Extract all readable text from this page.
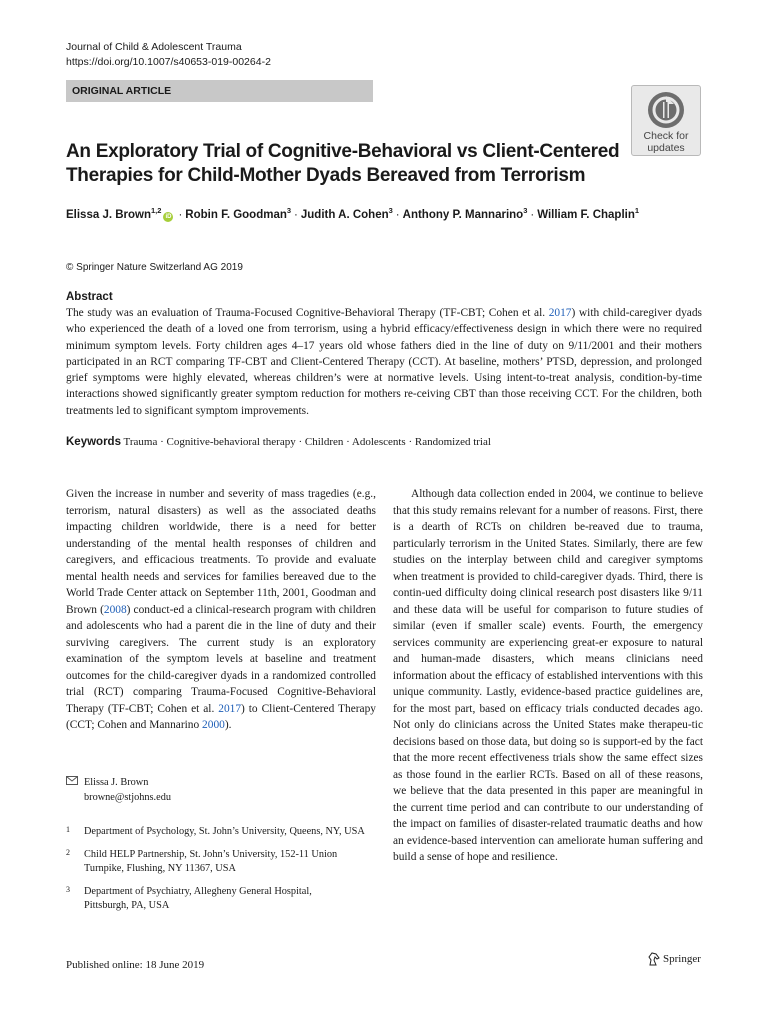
Journal of Child & Adolescent Trauma
https://doi.org/10.1007/s40653-019-00264-2
ORIGINAL ARTICLE
Check for
updates
An Exploratory Trial of Cognitive-Behavioral vs Client-Centered
Therapies for Child-Mother Dyads Bereaved from Terrorism
Elissa J. Brown$^{1,2}$iD · Robin F. Goodman$^3$ · Judith A. Cohen$^3$ · Anthony P. Mannarino$^3$ · William F. Chaplin$^1$
© Springer Nature Switzerland AG 2019
Abstract
The study was an evaluation of Trauma-Focused Cognitive-Behavioral Therapy (TF-CBT; Cohen et al. 2017) with child-caregiver dyads who experienced the death of a loved one from terrorism, using a hybrid efficacy/effectiveness design in which there were no required minimum symptom levels. Forty children ages 4–17 years old whose fathers died in the line of duty on 9/11/2001 and their mothers participated in an RCT comparing TF-CBT and Client-Centered Therapy (CCT). At baseline, mothers’ PTSD, depression, and prolonged grief symptoms were highly elevated, whereas children’s were at normative levels. Using intent-to-treat analysis, condition-by-time interactions showed significantly greater symptom reduction for mothers re-ceiving CBT than those receiving CCT. For the children, both treatments led to significant symptom improvements.
Keywords Trauma · Cognitive-behavioral therapy · Children · Adolescents · Randomized trial

Given the increase in number and severity of mass tragedies (e.g., terrorism, natural disasters) as well as the associated deaths impacting children worldwide, there is a need for better understanding of the mental health responses of children and caregivers, and efficacious treatments. To provide and evaluate mental health needs and services for families bereaved due to the World Trade Center attack on September 11th, 2001, Goodman and Brown (2008) conduct-ed a clinical-research program with children and adolescents who had a parent die in the line of duty and their surviving caregivers. The current study is an exploratory examination of the symptom levels at baseline and treatment outcomes for the child-caregiver dyads in a randomized controlled trial (RCT) comparing Trauma-Focused Cognitive-Behavioral Therapy (TF-CBT; Cohen et al. 2017) to Client-Centered Therapy (CCT; Cohen and Mannarino 2000).

Although data collection ended in 2004, we continue to believe that this study remains relevant for a number of reasons. First, there is a dearth of RCTs on children be-reaved due to trauma, particularly terrorism in the United States. Similarly, there are few studies on the interplay between child and caregiver symptoms when treatment is provided to child-caregiver dyads. Third, there is contin-ued difficulty doing clinical research post disasters like 9/11 and these data will be useful for comparison to future studies of similar (even if smaller scale) events. Fourth, the emergency services community are experiencing great-er exposure to natural and human-made disasters, which means clinicians need information about the efficacy of established interventions with this unique community. Lastly, evidence-based practice guidelines are, for the most part, based on efficacy trials conducted decades ago. Not only do clinicians across the United States make therapeu-tic decisions based on those data, but doing so is support-ed by the fact that the more recent effectiveness trials show the same effect sizes as those found in the earlier RCTs. Based on all of these reasons, we believe that the data presented in this paper are meaningful in the current time period and can contribute to our understanding of the impact on families of disaster-related traumatic deaths and how an evidence-based intervention can ameliorate human suffering and build a sense of hope and resilience.

Elissa J. Brown
browne@stjohns.edu
1	Department of Psychology, St. John’s University, Queens, NY, USA
2	Child HELP Partnership, St. John’s University, 152-11 Union
Turnpike, Flushing, NY 11367, USA
3	Department of Psychiatry, Allegheny General Hospital,
Pittsburgh, PA, USA
Published online: 18 June 2019	Springer
